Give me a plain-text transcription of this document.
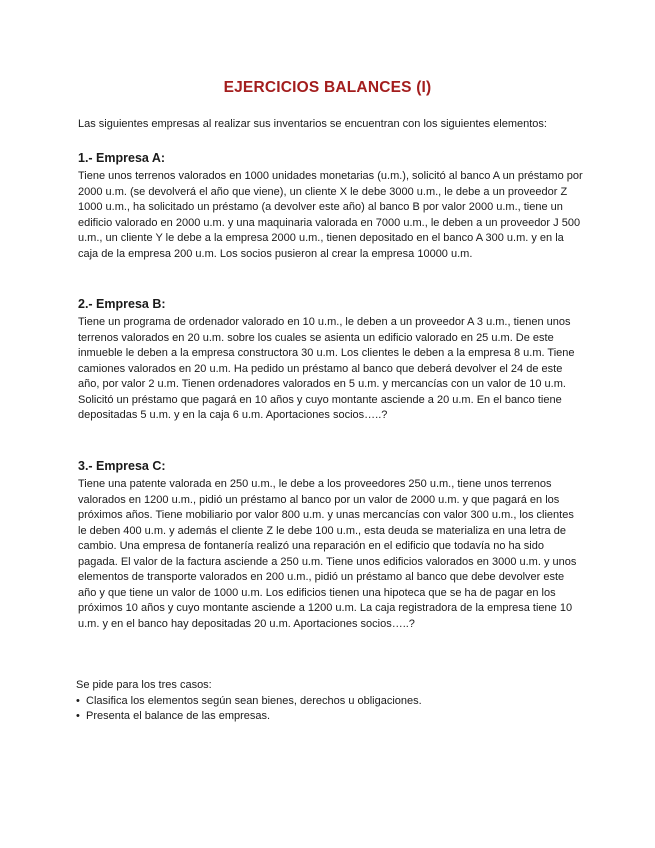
EJERCICIOS BALANCES (I)

Las siguientes empresas al realizar sus inventarios se encuentran con los siguientes elementos:

1.- Empresa A:

Tiene unos terrenos valorados en 1000 unidades monetarias (u.m.), solicitó al banco A un préstamo por 2000 u.m. (se devolverá el año que viene), un cliente X le debe 3000 u.m., le debe a un proveedor Z 1000 u.m., ha solicitado un préstamo (a devolver este año) al banco B por valor 2000 u.m., tiene un edificio valorado en 2000 u.m. y una maquinaria valorada en 7000 u.m., le deben a un proveedor J 500 u.m., un cliente Y le debe a la empresa 2000 u.m., tienen depositado en el banco A 300 u.m. y en la caja de la empresa 200 u.m. Los socios pusieron al crear la empresa 10000 u.m.

2.- Empresa B:

Tiene un programa de ordenador valorado en 10 u.m., le deben a un proveedor A 3 u.m., tienen unos terrenos valorados en 20 u.m. sobre los cuales se asienta un edificio valorado en 25 u.m. De este inmueble le deben a la empresa constructora 30 u.m. Los clientes le deben a la empresa 8 u.m. Tiene camiones valorados en 20 u.m. Ha pedido un préstamo al banco que deberá devolver el 24 de este año, por valor 2 u.m. Tienen ordenadores valorados en 5 u.m. y mercancías con un valor de 10 u.m. Solicitó un préstamo que pagará en 10 años y cuyo montante asciende a 20 u.m. En el banco tiene depositadas 5 u.m. y en la caja 6 u.m. Aportaciones socios…..?

3.- Empresa C:

Tiene una patente valorada en 250 u.m., le debe a los proveedores 250 u.m., tiene unos terrenos valorados en 1200 u.m., pidió un préstamo al banco por un valor de 2000 u.m. y que pagará en los próximos años. Tiene mobiliario por valor 800 u.m. y unas mercancías con valor 300 u.m., los clientes le deben 400 u.m. y además el cliente Z le debe 100 u.m., esta deuda se materializa en una letra de cambio. Una empresa de fontanería realizó una reparación en el edificio que todavía no ha sido pagada. El valor de la factura asciende a 250 u.m. Tiene unos edificios valorados en 3000 u.m. y unos elementos de transporte valorados en 200 u.m., pidió un préstamo al banco que debe devolver este año y que tiene un valor de 1000 u.m. Los edificios tienen una hipoteca que se ha de pagar en los próximos 10 años y cuyo montante asciende a 1200 u.m. La caja registradora de la empresa tiene 10 u.m. y en el banco hay depositadas 20 u.m. Aportaciones socios…..?

Se pide para los tres casos:

• Clasifica los elementos según sean bienes, derechos u obligaciones.
• Presenta el balance de las empresas.
